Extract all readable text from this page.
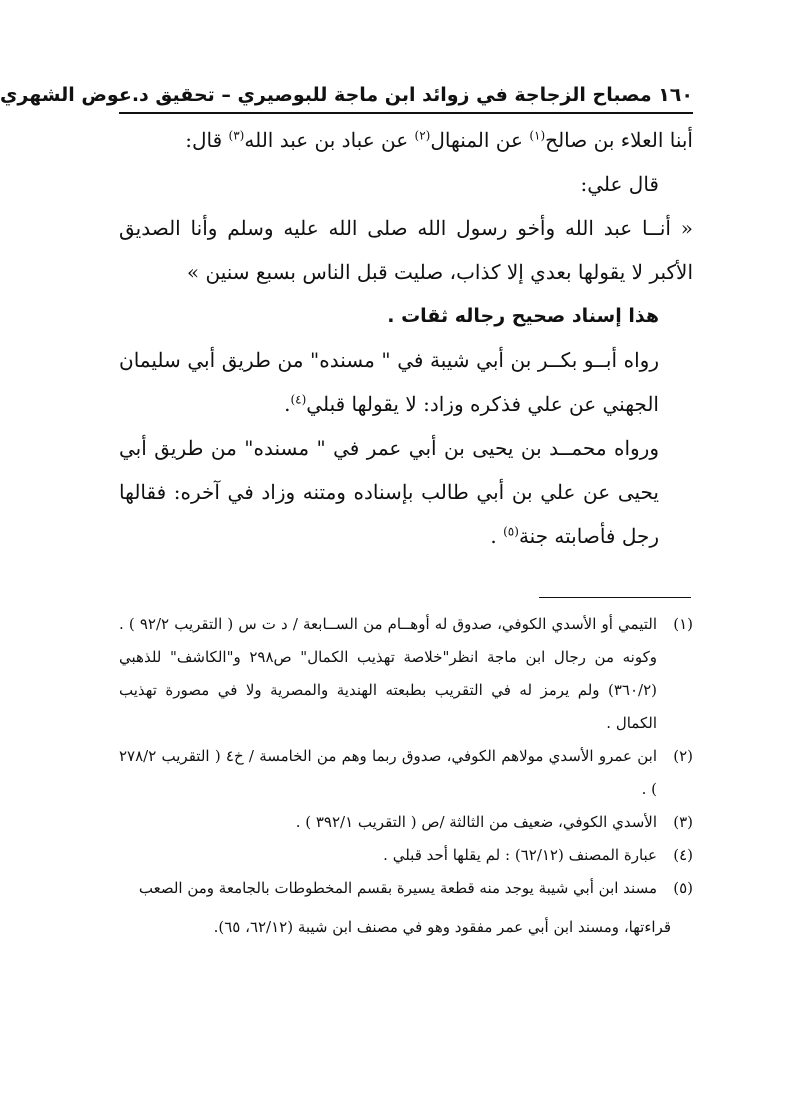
١٦٠ مصباح الزجاجة في زوائد ابن ماجة للبوصيري – تحقيق د.عوض الشهري

أبنا العلاء بن صالح$^{(١)}$ عن المنهال$^{(٢)}$ عن عباد بن عبد الله$^{(٣)}$ قال:

قال علي:

« أنــا عبد الله وأخو رسول الله صلى الله عليه وسلم وأنا الصديق الأكبر لا يقولها بعدي إلا كذاب، صليت قبل الناس بسبع سنين »

هذا إسناد صحيح رجاله ثقات .

رواه أبــو بكــر بن أبي شيبة في " مسنده" من طريق أبي سليمان الجهني عن علي فذكره وزاد: لا يقولها قبلي$^{(٤)}$.

ورواه محمــد بن يحيى بن أبي عمر في " مسنده" من طريق أبي يحيى عن علي بن أبي طالب بإسناده ومتنه وزاد في آخره: فقالها رجل فأصابته جنة$^{(٥)}$ .

(١)
التيمي أو الأسدي الكوفي، صدوق له أوهــام من الســابعة / د ت س ( التقريب ٩٢/٢ ) . وكونه من رجال ابن ماجة انظر"خلاصة تهذيب الكمال" ص٢٩٨ و"الكاشف" للذهبي (٣٦٠/٢) ولم يرمز له في التقريب بطبعته الهندية والمصرية ولا في مصورة تهذيب الكمال .
(٢)
ابن عمرو الأسدي مولاهم الكوفي، صدوق ربما وهم من الخامسة / خ٤ ( التقريب ٢٧٨/٢ ) .
(٣)
الأسدي الكوفي، ضعيف من الثالثة /ص ( التقريب ٣٩٢/١ ) .
(٤)
عبارة المصنف (٦٢/١٢) : لم يقلها أحد قبلي .
(٥)
مسند ابن أبي شيبة يوجد منه قطعة يسيرة بقسم المخطوطات بالجامعة ومن الصعب
قراءتها، ومسند ابن أبي عمر مفقود وهو في مصنف ابن شيبة (٦٢/١٢، ٦٥).
